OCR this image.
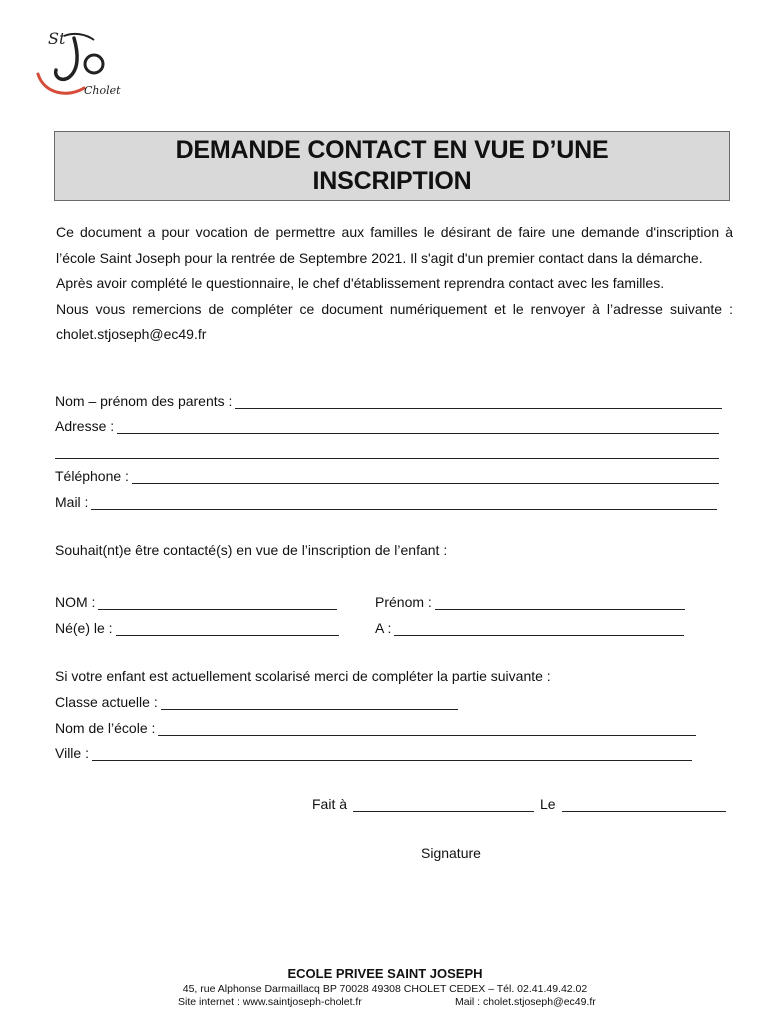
St
Cholet
DEMANDE CONTACT EN VUE D’UNE
INSCRIPTION

Ce document a pour vocation de permettre aux familles le désirant de faire une demande d'inscription à l’école Saint Joseph pour la rentrée de Septembre 2021. Il s'agit d'un premier contact dans la démarche.

Après avoir complété le questionnaire, le chef d'établissement reprendra contact avec les familles.

Nous vous remercions de compléter ce document numériquement et le renvoyer à l’adresse suivante : cholet.stjoseph@ec49.fr

Nom – prénom des parents :
Adresse :
Téléphone :
Mail :
Souhait(nt)e être contacté(s) en vue de l’inscription de l’enfant :
NOM :	Prénom :
Né(e) le :	A :
Si votre enfant est actuellement scolarisé merci de compléter la partie suivante :
Classe actuelle :
Nom de l’école :
Ville :
Fait à	Le
Signature
ECOLE PRIVEE SAINT JOSEPH
45, rue Alphonse Darmaillacq BP 70028 49308 CHOLET CEDEX – Tél. 02.41.49.42.02
Site internet : www.saintjoseph-cholet.fr	Mail : cholet.stjoseph@ec49.fr
